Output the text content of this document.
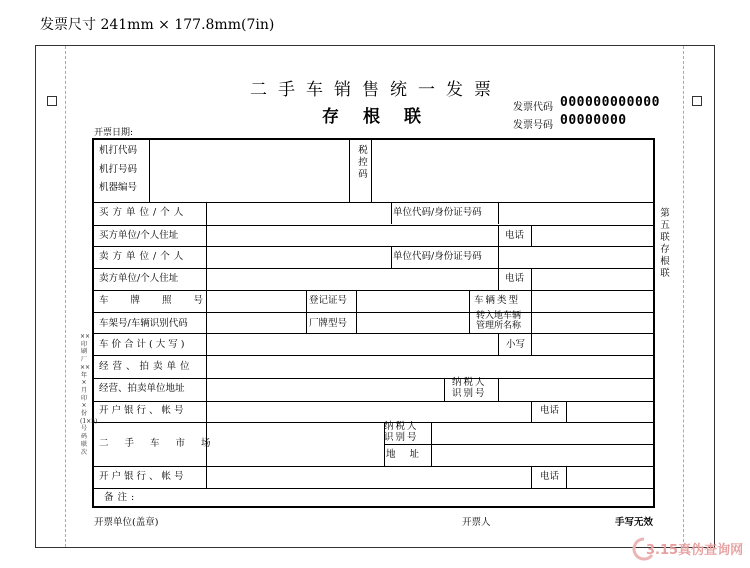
发票尺寸 241mm × 177.8mm(7in)
二手车销售统一发票
存根联	发票代码 000000000000
发票号码 00000000
开票日期:
机打代码
机打号码
机器编号
税控码
买方单位/个人	单位代码/身份证号码
买方单位/个人住址	电话
卖方单位/个人	单位代码/身份证号码
卖方单位/个人住址	电话
车牌照号	登记证号	车辆类型
车架号/车辆识别代码	厂牌型号
转入地车辆
管理所名称
车价合计(大写)	小写
经营、拍卖单位
经营、拍卖单位地址
纳税人
识别号
开户银行、帐号	电话
二手车市场
纳税人
识别号
地址
开户银行、帐号	电话
备注:
第五联存根联
××印刷厂××年×月印×份(1×5)号码联次
开票单位(盖章)	开票人	手写无效
3.15真伪查询网
